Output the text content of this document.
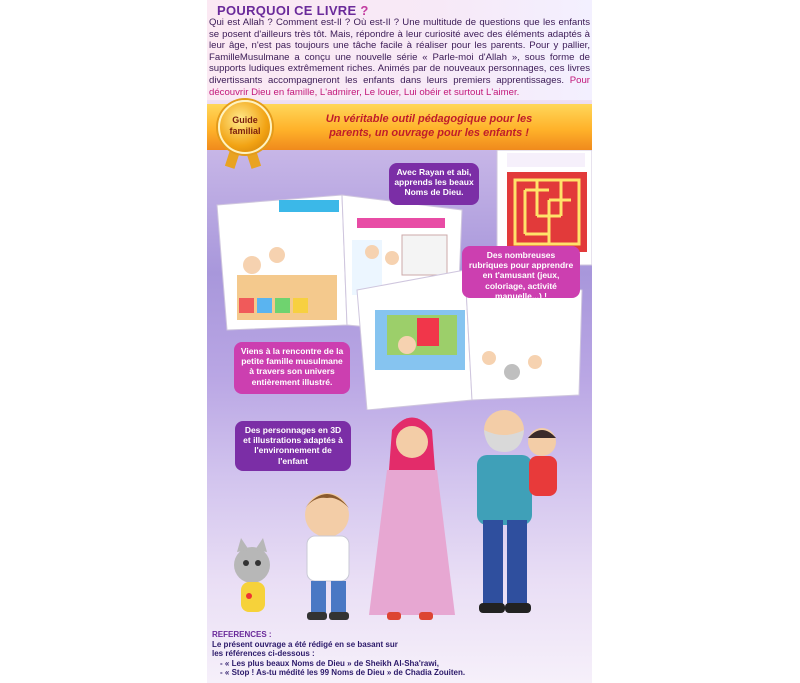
POURQUOI CE LIVRE ?
Qui est Allah ? Comment est-Il ? Où est-Il ? Une multitude de questions que les enfants se posent d'ailleurs très tôt. Mais, répondre à leur curiosité avec des éléments adaptés à leur âge, n'est pas toujours une tâche facile à réaliser pour les parents. Pour y pallier, FamilleMusulmane a conçu une nouvelle série « Parle-moi d'Allah », sous forme de supports ludiques extrêmement riches. Animés par de nouveaux personnages, ces livres divertissants accompagneront les enfants dans leurs premiers apprentissages. Pour découvrir Dieu en famille, L'admirer, Le louer, Lui obéir et surtout L'aimer.
Un véritable outil pédagogique pour les
parents, un ouvrage pour les enfants !
Guide
familial
Avec Rayan et abi, apprends les beaux Noms de Dieu.
Des nombreuses rubriques pour apprendre en t'amusant (jeux, coloriage, activité manuelle...) !
Viens à la rencontre de la petite famille musulmane à travers son univers entièrement illustré.
Des personnages en 3D et illustrations adaptés à l'environnement de l'enfant
REFERENCES :
Le présent ouvrage a été rédigé en se basant sur
les références ci-dessous :
- « Les plus beaux Noms de Dieu » de Sheikh Al-Sha'rawi,
- « Stop ! As-tu médité les 99 Noms de Dieu » de Chadia Zouiten.
